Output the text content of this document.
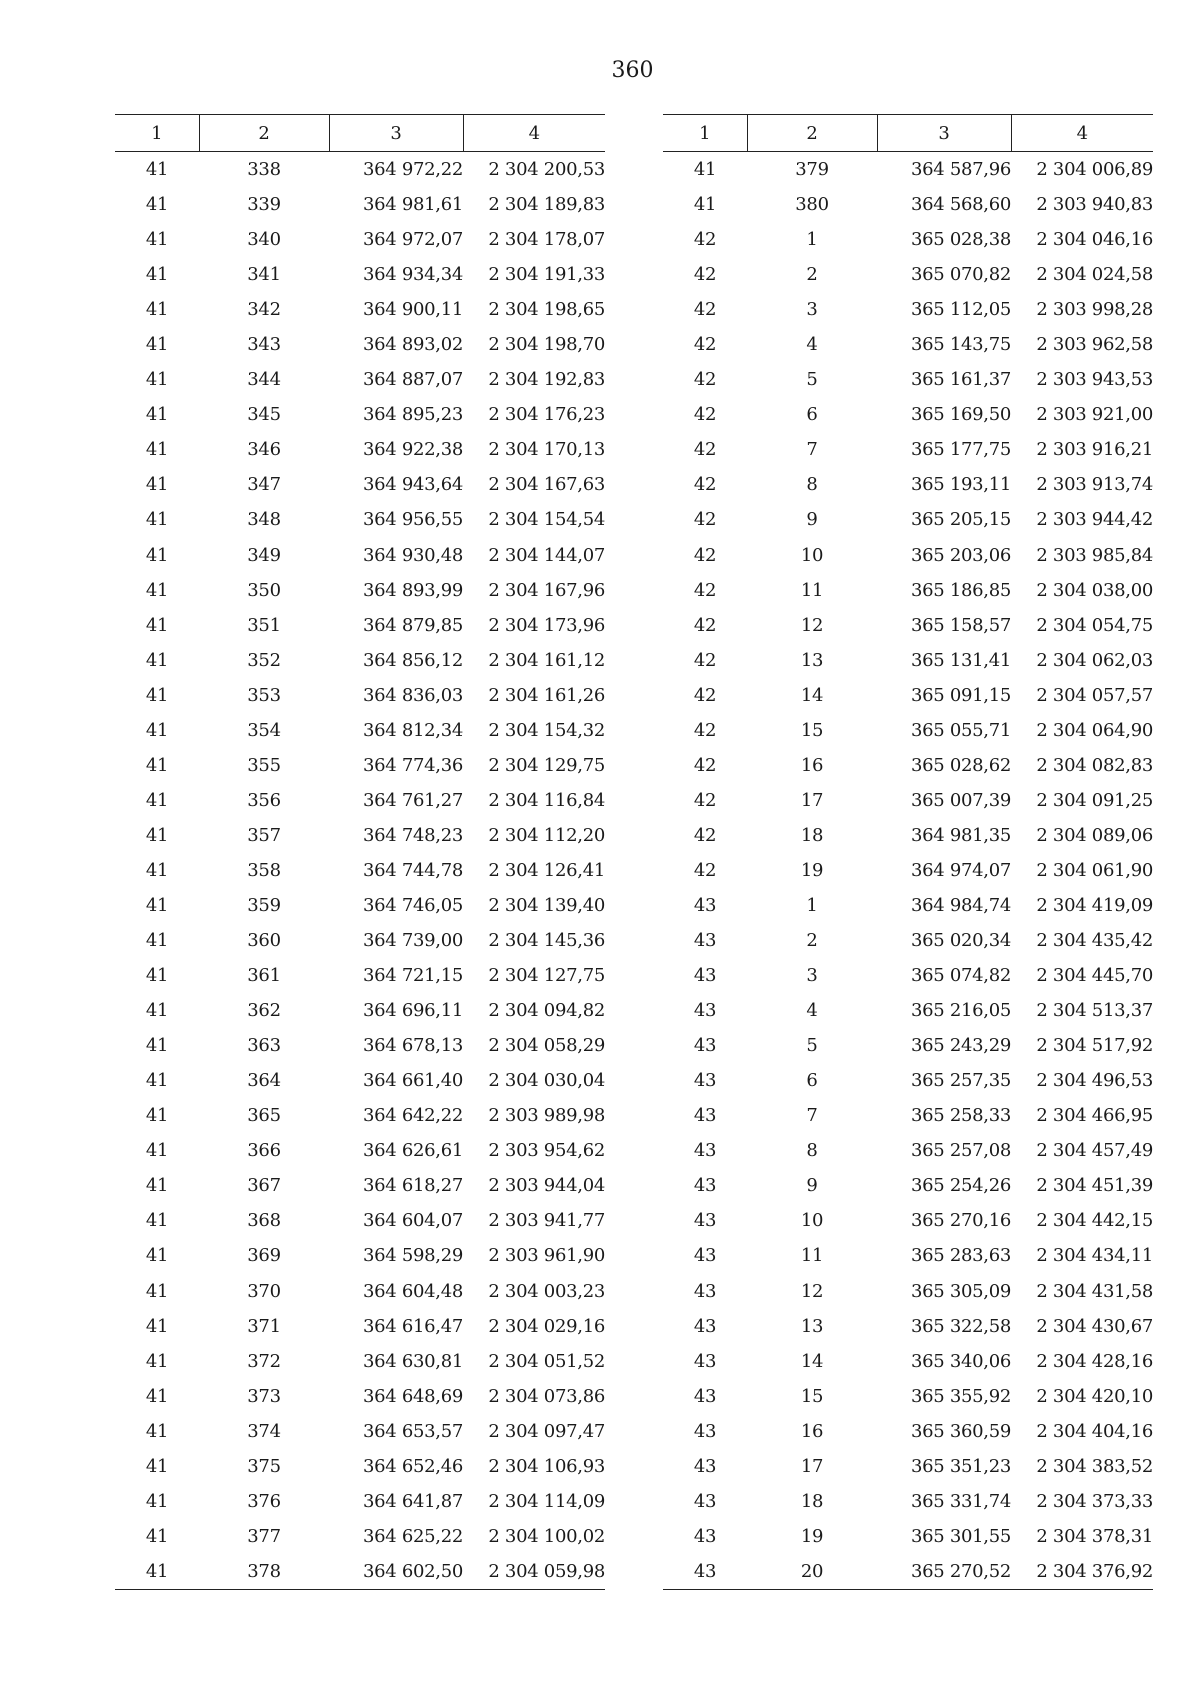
360
1	2	3	4
41	338	364 972,22	2 304 200,53
41	339	364 981,61	2 304 189,83
41	340	364 972,07	2 304 178,07
41	341	364 934,34	2 304 191,33
41	342	364 900,11	2 304 198,65
41	343	364 893,02	2 304 198,70
41	344	364 887,07	2 304 192,83
41	345	364 895,23	2 304 176,23
41	346	364 922,38	2 304 170,13
41	347	364 943,64	2 304 167,63
41	348	364 956,55	2 304 154,54
41	349	364 930,48	2 304 144,07
41	350	364 893,99	2 304 167,96
41	351	364 879,85	2 304 173,96
41	352	364 856,12	2 304 161,12
41	353	364 836,03	2 304 161,26
41	354	364 812,34	2 304 154,32
41	355	364 774,36	2 304 129,75
41	356	364 761,27	2 304 116,84
41	357	364 748,23	2 304 112,20
41	358	364 744,78	2 304 126,41
41	359	364 746,05	2 304 139,40
41	360	364 739,00	2 304 145,36
41	361	364 721,15	2 304 127,75
41	362	364 696,11	2 304 094,82
41	363	364 678,13	2 304 058,29
41	364	364 661,40	2 304 030,04
41	365	364 642,22	2 303 989,98
41	366	364 626,61	2 303 954,62
41	367	364 618,27	2 303 944,04
41	368	364 604,07	2 303 941,77
41	369	364 598,29	2 303 961,90
41	370	364 604,48	2 304 003,23
41	371	364 616,47	2 304 029,16
41	372	364 630,81	2 304 051,52
41	373	364 648,69	2 304 073,86
41	374	364 653,57	2 304 097,47
41	375	364 652,46	2 304 106,93
41	376	364 641,87	2 304 114,09
41	377	364 625,22	2 304 100,02
41	378	364 602,50	2 304 059,98
1	2	3	4
41	379	364 587,96	2 304 006,89
41	380	364 568,60	2 303 940,83
42	1	365 028,38	2 304 046,16
42	2	365 070,82	2 304 024,58
42	3	365 112,05	2 303 998,28
42	4	365 143,75	2 303 962,58
42	5	365 161,37	2 303 943,53
42	6	365 169,50	2 303 921,00
42	7	365 177,75	2 303 916,21
42	8	365 193,11	2 303 913,74
42	9	365 205,15	2 303 944,42
42	10	365 203,06	2 303 985,84
42	11	365 186,85	2 304 038,00
42	12	365 158,57	2 304 054,75
42	13	365 131,41	2 304 062,03
42	14	365 091,15	2 304 057,57
42	15	365 055,71	2 304 064,90
42	16	365 028,62	2 304 082,83
42	17	365 007,39	2 304 091,25
42	18	364 981,35	2 304 089,06
42	19	364 974,07	2 304 061,90
43	1	364 984,74	2 304 419,09
43	2	365 020,34	2 304 435,42
43	3	365 074,82	2 304 445,70
43	4	365 216,05	2 304 513,37
43	5	365 243,29	2 304 517,92
43	6	365 257,35	2 304 496,53
43	7	365 258,33	2 304 466,95
43	8	365 257,08	2 304 457,49
43	9	365 254,26	2 304 451,39
43	10	365 270,16	2 304 442,15
43	11	365 283,63	2 304 434,11
43	12	365 305,09	2 304 431,58
43	13	365 322,58	2 304 430,67
43	14	365 340,06	2 304 428,16
43	15	365 355,92	2 304 420,10
43	16	365 360,59	2 304 404,16
43	17	365 351,23	2 304 383,52
43	18	365 331,74	2 304 373,33
43	19	365 301,55	2 304 378,31
43	20	365 270,52	2 304 376,92
